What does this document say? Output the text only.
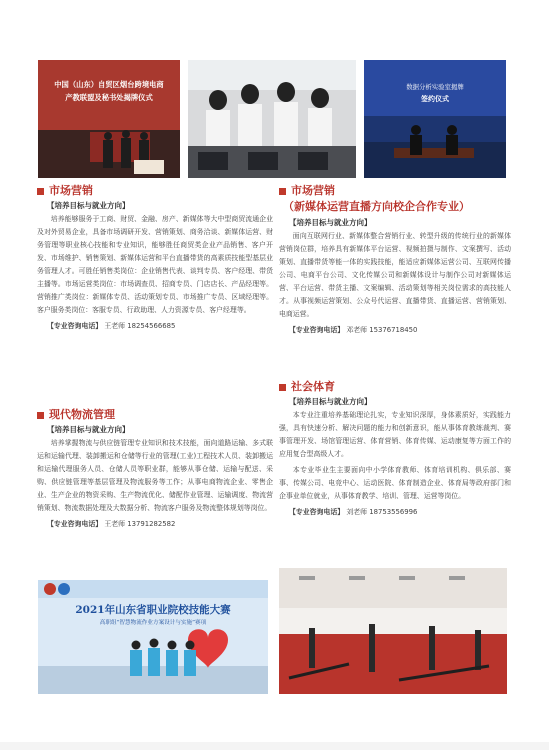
中国（山东）自贸区烟台跨境电商
产教联盟及秘书处揭牌仪式
数据分析实验室揭牌
签约仪式
市场营销
【培养目标与就业方向】

培养能够服务于工商、财贸、金融、房产、新媒体等大中型商贸流通企业及对外贸易企业，具备市场调研开发、营销策划、商务洽谈、新媒体运营、财务管理等职业核心技能和专业知识，能够胜任商贸类企业产品销售、客户开发、市场维护、销售策划、新媒体运营和平台直播带货的高素质技能型基层业务管理人才。可胜任销售类岗位：企业销售代表、谈判专员、客户经理、带货主播等。市场运营类岗位：市场调查员、招商专员、门店店长、产品经理等。营销推广类岗位：新媒体专员、活动策划专员、市场推广专员、区域经理等。客户服务类岗位：客服专员、行政助理、人力资源专员、客户经理等。

【专业咨询电话】 王老师 18254566685
现代物流管理
【培养目标与就业方向】

培养掌握物流与供应链管理专业知识和技术技能，面向道路运输、多式联运和运输代理、装卸搬运和仓储等行业的管理(工业)工程技术人员、装卸搬运和运输代理服务人员、仓储人员等职业群，能够从事仓储、运输与配送、采购、供应链管理等基层管理及物流服务等工作；从事电商物流企业、零售企业、生产企业的物资采购、生产物流优化、储配作业管理、运输调度、物流营销策划、物流数据处理及大数据分析、物流客户服务及物流整体规划等岗位。

【专业咨询电话】 王老师 13791282582
市场营销
（新媒体运营直播方向校企合作专业）
【培养目标与就业方向】

面向互联网行业、新媒体整合营销行业、转型升级的传统行业的新媒体营销岗位群，培养具有新媒体平台运营、视频拍摄与制作、文案撰写、活动策划、直播带货等能一体的实践技能，能适应新媒体运营公司、互联网传播公司、电商平台公司、文化传媒公司和新媒体设计与制作公司对新媒体运营、平台运营、带货主播、文案编辑、活动策划等相关岗位需求的高技能人才。从事视频运营策划、公众号代运营、直播带货、直播运营、营销策划、电商运营。

【专业咨询电话】 邓老师 15376718450
社会体育
【培养目标与就业方向】

本专业注重培养基础理论扎实，专业知识深厚，身体素质好，实践能力强，具有快速分析、解决问题的能力和创新意识，能从事体育教练裁判、赛事管理开发、场馆管理运营、体育营销、体育传媒、运动康复等方面工作的应用复合型高级人才。

本专业毕业生主要面向中小学体育教师、体育培训机构、俱乐部、赛事、传媒公司、电竞中心、运动医院、体育制造企业、体育局等政府部门和企事业单位就业，从事体育教学、培训、管理、运营等岗位。

【专业咨询电话】 刘老师 18753556996
2021年山东省职业院校技能大赛
高职组“智慧物流作业方案设计与实施”赛项
